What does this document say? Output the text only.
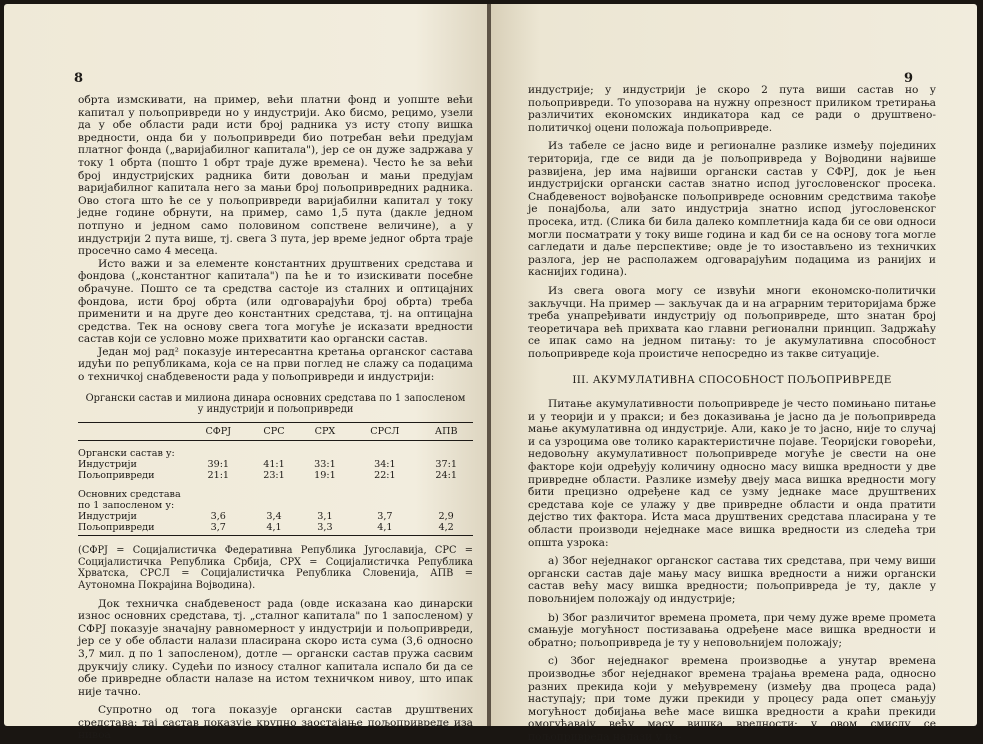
8

обрта измскивати, на пример, већи платни фонд и уопште већи капитал у пољопривреди но у индустрији. Ако бисмо, рецимо, узели да у обе области ради исти број радника уз исту стопу вишка вредности, онда би у пољопривреди био потребан већи предујам платног фонда („варијабилног капитала"), јер се он дуже задржава у току 1 обрта (пошто 1 обрт траје дуже времена). Често ће за већи број индустријских радника бити довољан и мањи предујам варијабилног капитала него за мањи број пољопривредних радника. Ово стога што ће се у пољопривреди варијабилни капитал у току једне године обрнути, на пример, само 1,5 пута (дакле једном потпуно и једном само половином сопствене величине), а у индустрији 2 пута више, тј. свега 3 пута, јер време једног обрта траје просечно само 4 месеца.

Исто важи и за елементе константних друштвених средстава и фондова („константног капитала") па ће и то изискивати посебне обрачуне. Пошто се та средства састоје из сталних и оптицајних фондова, исти број обрта (или одговарајући број обрта) треба применити и на друге део константних средстава, тј. на оптицајна средства. Тек на основу свега тога могуће је исказати вредности састав који се условно може прихватити као органски састав.

Један мој рад² показује интересантна кретања органског састава идући по републикама, која се на први поглед не слажу са подацима о техничкој снабдевености рада у пољопривреди и индустрији:

Органски састав и милиона динара основних средстава по 1 запосленом
у индустрији и пољопривреди
	СФРЈ	СРС	СРХ	СРСЛ	АПВ

Органски састав у:					
Индустрији	39:1	41:1	33:1	34:1	37:1
Пољопривреди	21:1	23:1	19:1	22:1	24:1

Основних средстава					
по 1 запосленом у:					
Индустрији	3,6	3,4	3,1	3,7	2,9
Пољопривреди	3,7	4,1	3,3	4,1	4,2

(СФРЈ = Социјалистичка Федеративна Република Југославија, СРС = Социјалистичка Република Србија, СРХ = Социјалистичка Република Хрватска, СРСЛ = Социјалистичка Република Словенија, АПВ = Аутономна Покрајина Војводина).

Док техничка снабдевеност рада (овде исказана као динарски износ основних средстава, тј. „сталног капитала" по 1 запосленом) у СФРЈ показује значајну равномерност у индустрији и пољопривреди, јер се у обе области налази пласирана скоро иста сума (3,6 односно 3,7 мил. д по 1 запосленом), дотле — органски састав пружа сасвим друкчију слику. Судећи по износу сталног капитала испало би да се обе привредне области налазе на истом техничком нивоу, што ипак није тачно.

Супротно од тога показује органски састав друштвених средстава: тај састав показује крупно заостајање пољопривреде иза нивоа

9

индустрије; у индустрији је скоро 2 пута виши састав но у пољопривреди. То упозорава на нужну опрезност приликом третирања различитих економских индикатора кад се ради о друштвено-политичкој оцени положаја пољопривреде.

Из табеле се јасно виде и регионалне разлике између појединих територија, где се види да је пољопривреда у Војводини највише развијена, јер има највиши органски састав у СФРЈ, док је њен индустријски органски састав знатно испод југословенског просека. Снабдевеност војвођанске пољопривреде основним средствима такође је понајбоља, али зато индустрија знатно испод југословенског просека, итд. (Слика би била далеко комплетнија када би се ови односи могли посматрати у току више година и кад би се на основу тога могле сагледати и даље перспективе; овде је то изостављено из техничких разлога, јер не располажем одговарајућим подацима из ранијих и каснијих година).

Из свега овога могу се извући многи економско-политички закључци. На пример — закључак да и на аграрним територијама брже треба унапређивати индустрију од пољопривреде, што знатан број теоретичара већ прихвата као главни регионални принцип. Задржаћу се ипак само на једном питању: то је акумулативна способност пољопривреде која проистиче непосредно из такве ситуације.

III. АКУМУЛАТИВНА СПОСОБНОСТ ПОЉОПРИВРЕДЕ

Питање акумулативности пољопривреде је често помињано питање и у теорији и у пракси; и без доказивања је јасно да је пољопривреда мање акумулативна од индустрије. Али, како је то јасно, није то случај и са узроцима ове толико карактеристичне појаве. Теоријски говорећи, недовољну акумулативност пољопривреде могуће је свести на оне факторе који одређују количину односно масу вишка вредности у две привредне области. Разлике између двеју маса вишка вредности могу бити прецизно одређене кад се узму једнаке масе друштвених средстава које се улажу у две привредне области и онда пратити дејство тих фактора. Иста маса друштвених средстава пласирана у те области производи неједнаке масе вишка вредности из следећа три општа узрока:

а) Због неједнаког органског састава тих средстава, при чему виши органски састав даје мању масу вишка вредности а нижи органски састав већу масу вишка вредности; пољопривреда је ту, дакле у повољнијем положају од индустрије;

b) Због различитог времена промета, при чему дуже време промета смањује могућност постизавања одређене масе вишка вредности и обратно; пољопривреда је ту у неповољнијем положају;

c) Због неједнаког времена производње а унутар времена производње због неједнаког времена трајања времена рада, односно разних прекида који у међувремену (између два процеса рада) наступају; при томе дужи прекиди у процесу рада опет смањују могућност добијања веће масе вишка вредности а краћи прекиди омогућавају већу масу вишка вредности; у овом смислу се пољопривреда налази у из-
